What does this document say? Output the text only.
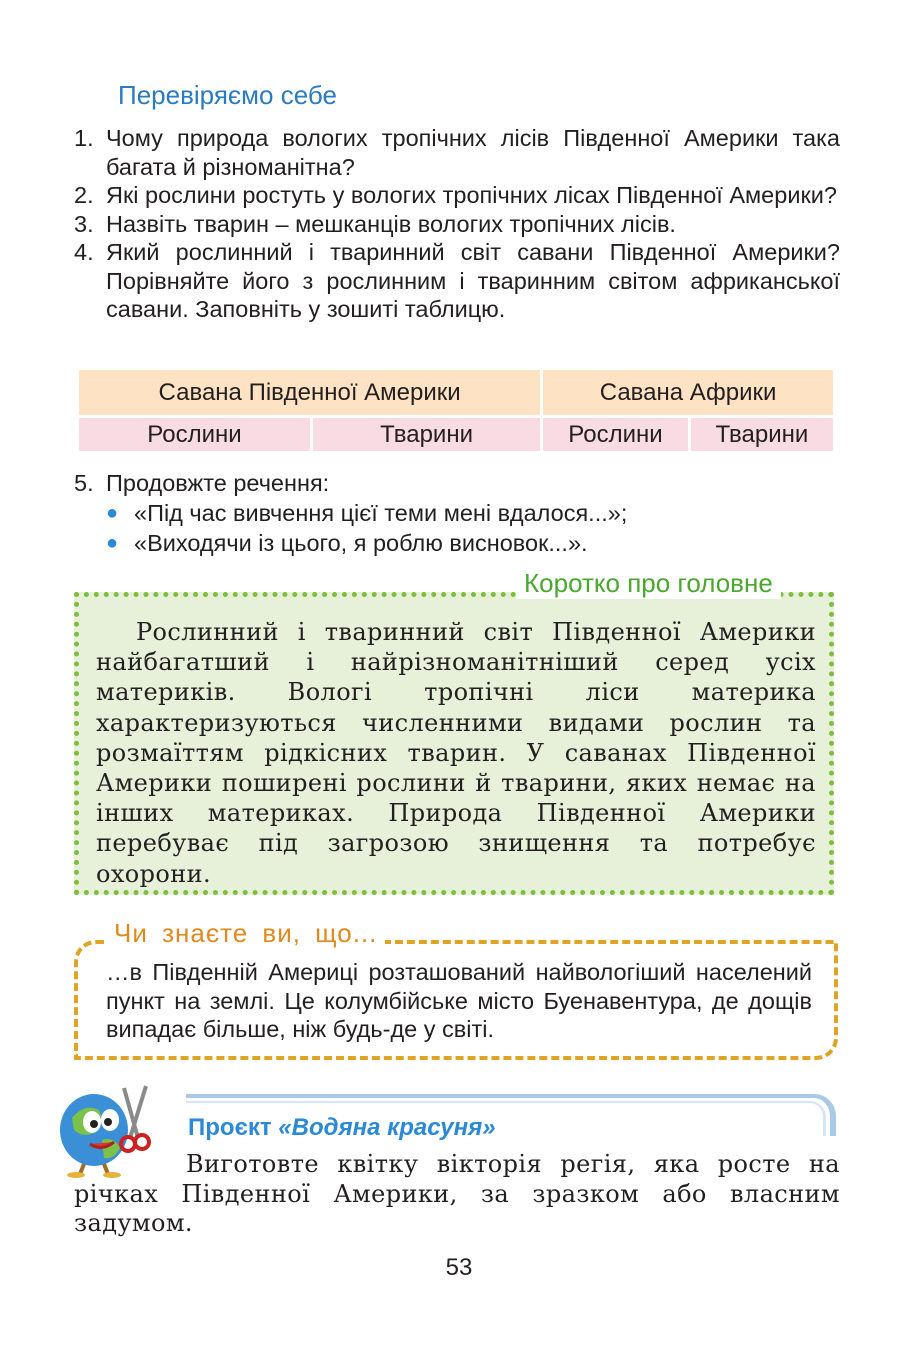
Перевіряємо себе
1. Чому природа вологих тропічних лісів Південної Америки така багата й різноманітна?
2. Які рослини ростуть у вологих тропічних лісах Південної Америки?
3. Назвіть тварин – мешканців вологих тропічних лісів.
4. Який рослинний і тваринний світ савани Південної Америки? Порівняйте його з рослинним і тваринним світом африканської савани. Заповніть у зошиті таблицю.
Савана Південної Америки		Савана Африки	
Рослини	Тварини	Рослини	Тварини
5. Продовжте речення:
● «Під час вивчення цієї теми мені вдалося...»;
● «Виходячи із цього, я роблю висновок...».
Коротко про головне
Рослинний і тваринний світ Південної Америки найбагатший і найрізноманітніший серед усіх материків. Вологі тропічні ліси материка характеризуються численними видами рослин та розмаїттям рідкісних тварин. У саванах Південної Америки поширені рослини й тварини, яких немає на інших материках. Природа Південної Америки перебуває під загрозою знищення та потребує охорони.
Чи знаєте ви, що...
…в Південній Америці розташований найвологіший населений пункт на землі. Це колумбійське місто Буенавентура, де дощів випадає більше, ніж будь-де у світі.
Проєкт «Водяна красуня»
Виготовте квітку вікторія регія, яка росте на річках Південної Америки, за зразком або власним задумом.
53
